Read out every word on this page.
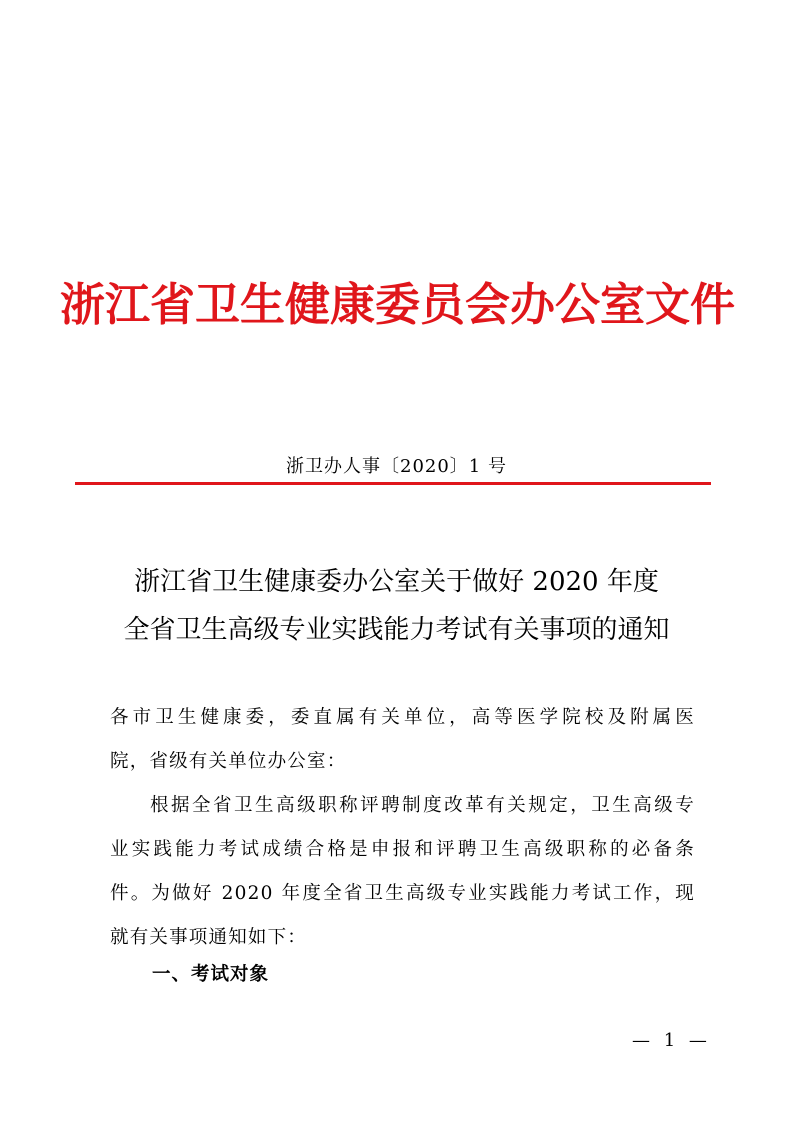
浙江省卫生健康委员会办公室文件
浙卫办人事〔2020〕1 号
浙江省卫生健康委办公室关于做好 2020 年度
全省卫生高级专业实践能力考试有关事项的通知
各市卫生健康委，委直属有关单位，高等医学院校及附属医
院，省级有关单位办公室：
根据全省卫生高级职称评聘制度改革有关规定，卫生高级专
业实践能力考试成绩合格是申报和评聘卫生高级职称的必备条
件。为做好 2020 年度全省卫生高级专业实践能力考试工作，现
就有关事项通知如下：
一、考试对象
— 1 —
